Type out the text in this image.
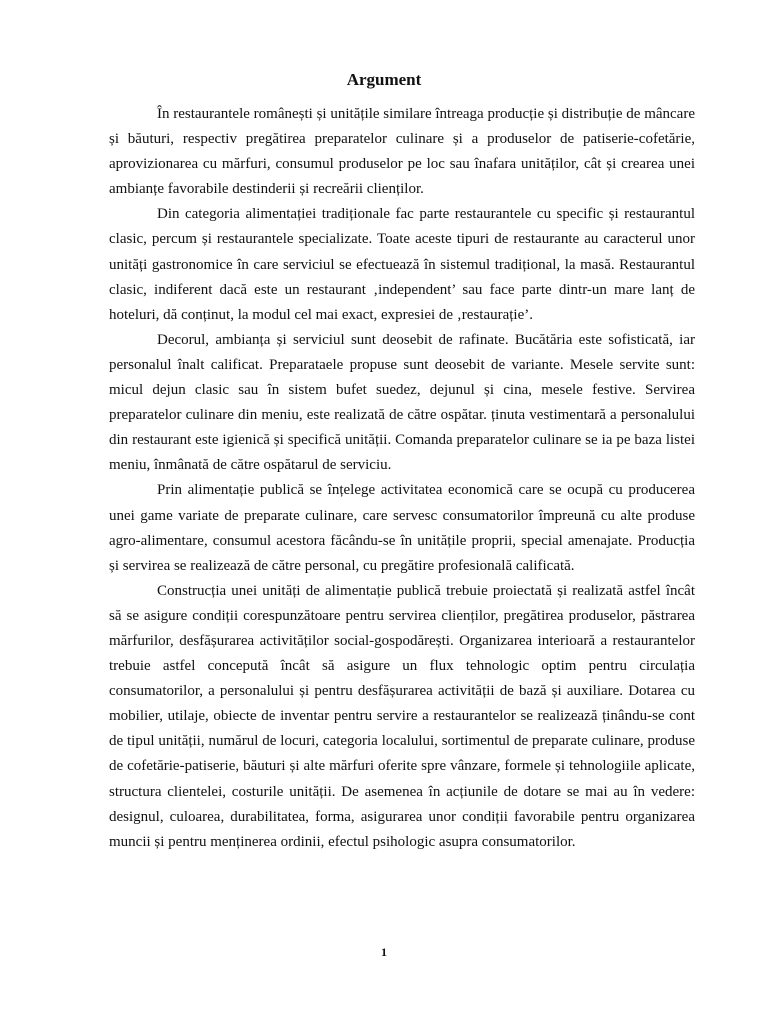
Argument

În restaurantele românești și unitățile similare întreaga producție și distribuție de mâncare și băuturi, respectiv pregătirea preparatelor culinare și a produselor de patiserie-cofetărie, aprovizionarea cu mărfuri, consumul produselor pe loc sau înafara unităților, cât și crearea unei ambianțe favorabile destinderii și recreării clienților.

Din categoria alimentației tradiționale fac parte restaurantele cu specific și restaurantul clasic, percum și restaurantele specializate. Toate aceste tipuri de restaurante au caracterul unor unități gastronomice în care serviciul se efectuează în sistemul tradițional, la masă. Restaurantul clasic, indiferent dacă este un restaurant ‚independent’ sau face parte dintr-un mare lanț de hoteluri, dă conținut, la modul cel mai exact, expresiei de ‚restaurație’.

Decorul, ambianța și serviciul sunt deosebit de rafinate. Bucătăria este sofisticată, iar personalul înalt calificat. Preparataele propuse sunt deosebit de variante. Mesele servite sunt: micul dejun clasic sau în sistem bufet suedez, dejunul și cina, mesele festive. Servirea preparatelor culinare din meniu, este realizată de către ospătar. ținuta vestimentară a personalului din restaurant este igienică și specifică unității. Comanda preparatelor culinare se ia pe baza listei meniu, înmânată de către ospătarul de serviciu.

Prin alimentație publică se înțelege activitatea economică care se ocupă cu producerea unei game variate de preparate culinare, care servesc consumatorilor împreună cu alte produse agro-alimentare, consumul acestora făcându-se în unitățile proprii, special amenajate. Producția și servirea se realizează de către personal, cu pregătire profesională calificată.

Construcția unei unități de alimentație publică trebuie proiectată și realizată astfel încât să se asigure condiții corespunzătoare pentru servirea clienților, pregătirea produselor, păstrarea mărfurilor, desfășurarea activităților social-gospodărești. Organizarea interioară a restaurantelor trebuie astfel concepută încât să asigure un flux tehnologic optim pentru circulația consumatorilor, a personalului și pentru desfășurarea activității de bază și auxiliare. Dotarea cu mobilier, utilaje, obiecte de inventar pentru servire a restaurantelor se realizează ținându-se cont de tipul unității, numărul de locuri, categoria localului, sortimentul de preparate culinare, produse de cofetărie-patiserie, băuturi și alte mărfuri oferite spre vânzare, formele și tehnologiile aplicate, structura clientelei, costurile unității. De asemenea în acțiunile de dotare se mai au în vedere: designul, culoarea, durabilitatea, forma, asigurarea unor condiții favorabile pentru organizarea muncii și pentru menținerea ordinii, efectul psihologic asupra consumatorilor.

1
